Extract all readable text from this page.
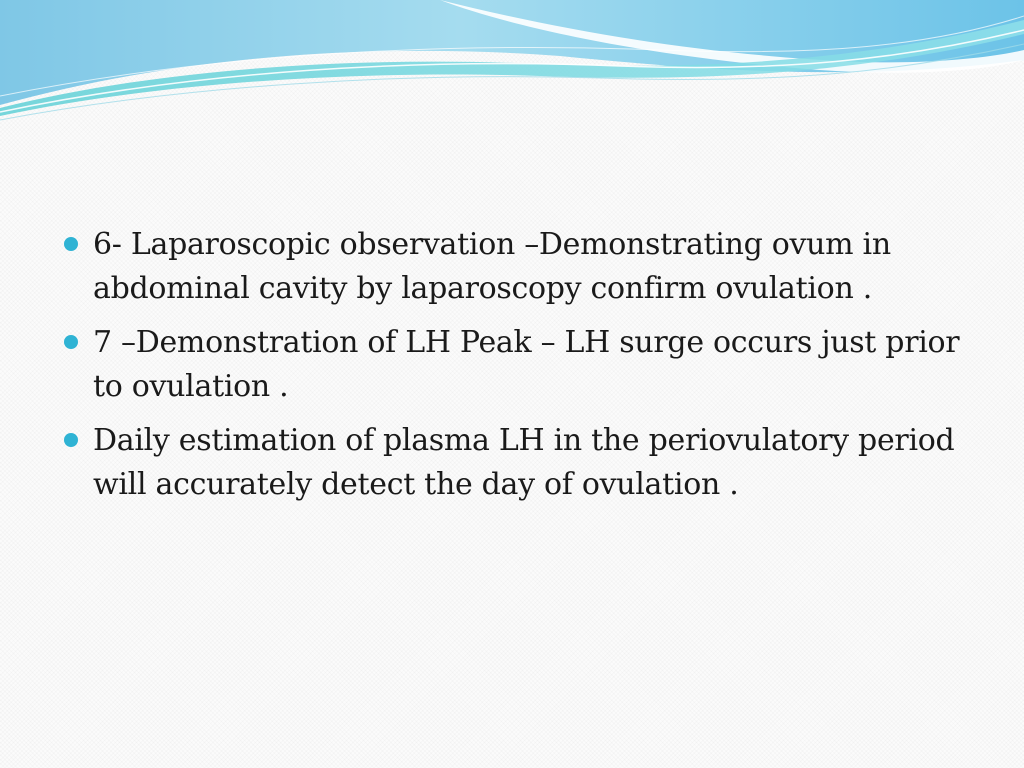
6- Laparoscopic observation –Demonstrating ovum in abdominal cavity by laparoscopy confirm ovulation .
7 –Demonstration of LH Peak – LH surge occurs just prior to ovulation .
Daily estimation of plasma LH in the periovulatory period will accurately detect the day of ovulation .
